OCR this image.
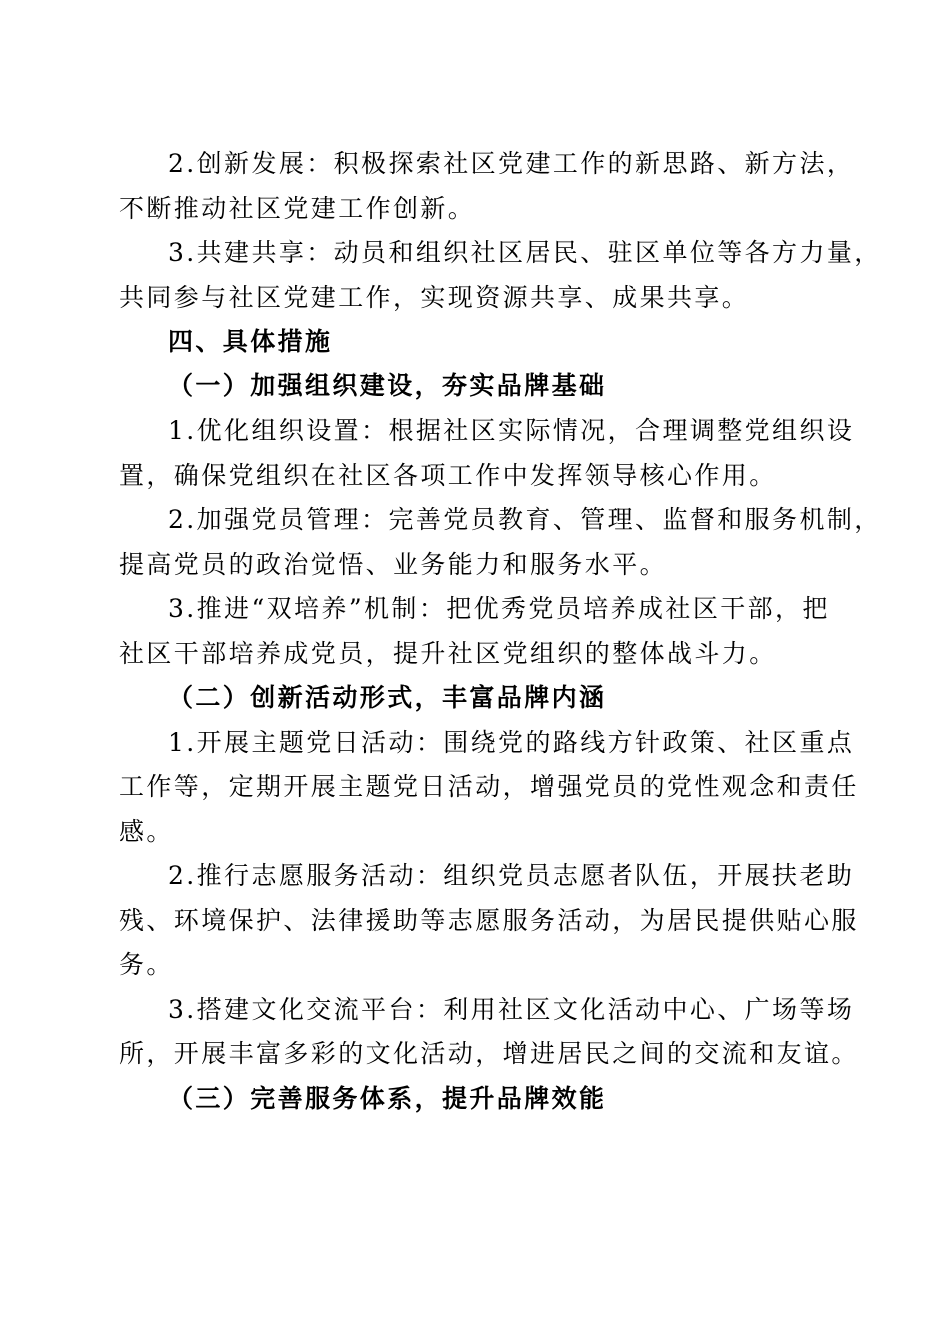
2.创新发展：积极探索社区党建工作的新思路、新方法，
不断推动社区党建工作创新。
3.共建共享：动员和组织社区居民、驻区单位等各方力量，
共同参与社区党建工作，实现资源共享、成果共享。
四、具体措施
（一）加强组织建设，夯实品牌基础
1.优化组织设置：根据社区实际情况，合理调整党组织设
置，确保党组织在社区各项工作中发挥领导核心作用。
2.加强党员管理：完善党员教育、管理、监督和服务机制，
提高党员的政治觉悟、业务能力和服务水平。
3.推进“双培养”机制：把优秀党员培养成社区干部，把
社区干部培养成党员，提升社区党组织的整体战斗力。
（二）创新活动形式，丰富品牌内涵
1.开展主题党日活动：围绕党的路线方针政策、社区重点
工作等，定期开展主题党日活动，增强党员的党性观念和责任
感。
2.推行志愿服务活动：组织党员志愿者队伍，开展扶老助
残、环境保护、法律援助等志愿服务活动，为居民提供贴心服
务。
3.搭建文化交流平台：利用社区文化活动中心、广场等场
所，开展丰富多彩的文化活动，增进居民之间的交流和友谊。
（三）完善服务体系，提升品牌效能
